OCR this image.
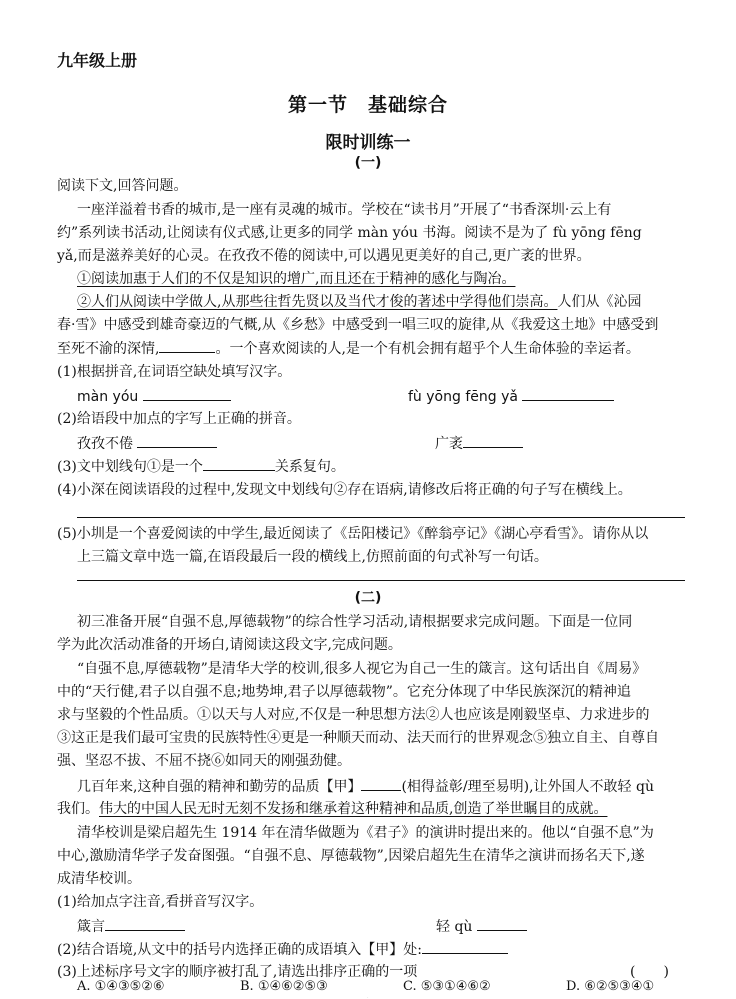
九年级上册
第一节　基础综合
限时训练一
(一)
阅读下文,回答问题。
一座洋溢着书香的城市,是一座有灵魂的城市。学校在“读书月”开展了“书香深圳·云上有
约”系列读书活动,让阅读有仪式感,让更多的同学 màn yóu 书海。阅读不是为了 fù yōng fēng
yǎ,而是滋养美好的心灵。在孜孜不倦的阅读中,可以遇见更美好的自己,更广袤的世界。
①阅读加惠于人们的不仅是知识的增广,而且还在于精神的感化与陶冶。
②人们从阅读中学做人,从那些往哲先贤以及当代才俊的著述中学得他们崇高。人们从《沁园
春·雪》中感受到雄奇豪迈的气概,从《乡愁》中感受到一唱三叹的旋律,从《我爱这土地》中感受到
至死不渝的深情,	。一个喜欢阅读的人,是一个有机会拥有超乎个人生命体验的幸运者。
(1)根据拼音,在词语空缺处填写汉字。
màn yóu	fù yōng fēng yǎ
(2)给语段中加点的字写上正确的拼音。
孜孜不倦	广袤
(3)文中划线句①是一个	关系复句。
(4)小深在阅读语段的过程中,发现文中划线句②存在语病,请修改后将正确的句子写在横线上。
(5)小圳是一个喜爱阅读的中学生,最近阅读了《岳阳楼记》《醉翁亭记》《湖心亭看雪》。请你从以
上三篇文章中选一篇,在语段最后一段的横线上,仿照前面的句式补写一句话。
(二)
初三准备开展“自强不息,厚德载物”的综合性学习活动,请根据要求完成问题。下面是一位同
学为此次活动准备的开场白,请阅读这段文字,完成问题。
“自强不息,厚德载物”是清华大学的校训,很多人视它为自己一生的箴言。这句话出自《周易》
中的“天行健,君子以自强不息;地势坤,君子以厚德载物”。它充分体现了中华民族深沉的精神追
求与坚毅的个性品质。①以天与人对应,不仅是一种思想方法②人也应该是刚毅坚卓、力求进步的
③这正是我们最可宝贵的民族特性④更是一种顺天而动、法天而行的世界观念⑤独立自主、自尊自
强、坚忍不拔、不屈不挠⑥如同天的刚强劲健。
几百年来,这种自强的精神和勤劳的品质【甲】	(相得益彰/理至易明),让外国人不敢轻 qù
我们。伟大的中国人民无时无刻不发扬和继承着这种精神和品质,创造了举世瞩目的成就。
清华校训是梁启超先生 1914 年在清华做题为《君子》的演讲时提出来的。他以“自强不息”为
中心,激励清华学子发奋图强。“自强不息、厚德载物”,因梁启超先生在清华之演讲而扬名天下,遂
成清华校训。
(1)给加点字注音,看拼音写汉字。
箴言	轻 qù
(2)结合语境,从文中的括号内选择正确的成语填入【甲】处:
(3)上述标序号文字的顺序被打乱了,请选出排序正确的一项	(　　)
A. ①④③⑤②⑥	B. ①④⑥②⑤③	C. ⑤③①④⑥②	D. ⑥②⑤③④①
